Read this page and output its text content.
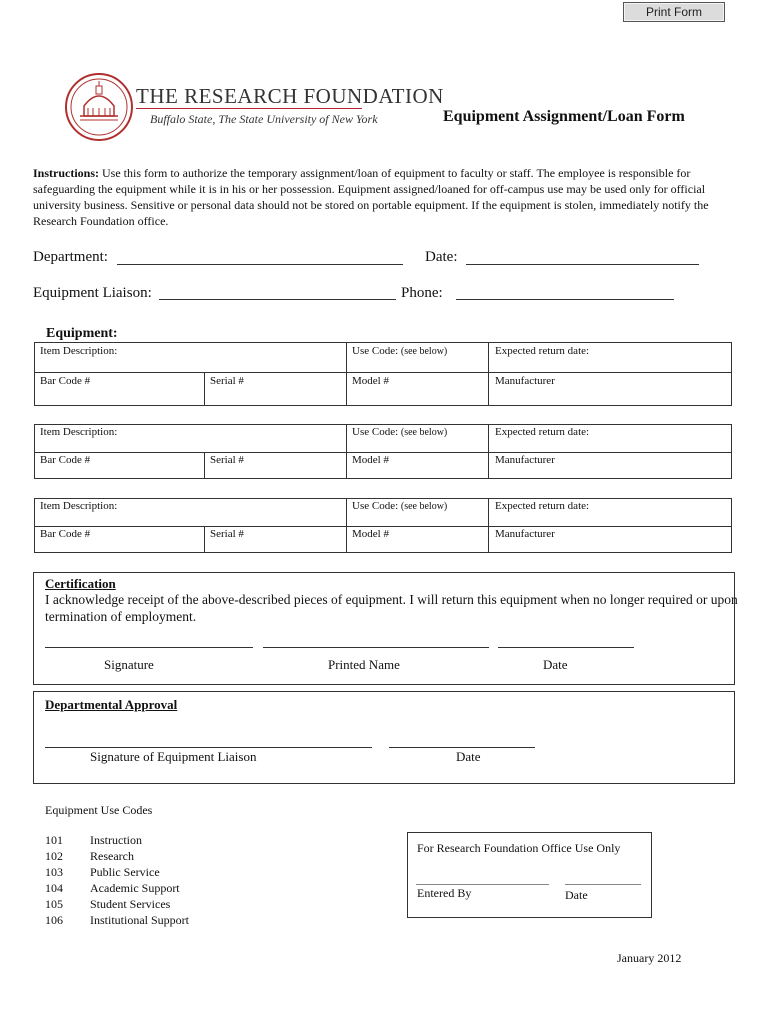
Print Form
THE RESEARCH FOUNDATION
Buffalo State, The State University of New York	Equipment Assignment/Loan Form
Instructions: Use this form to authorize the temporary assignment/loan of equipment to faculty or staff. The employee is responsible for safeguarding the equipment while it is in his or her possession. Equipment assigned/loaned for off-campus use may be used only for official university business. Sensitive or personal data should not be stored on portable equipment. If the equipment is stolen, immediately notify the Research Foundation office.
Department:	Date:
Equipment Liaison:	Phone:
Equipment:
Item Description:	Use Code: (see below)	Expected return date:
Bar Code #	Serial #	Model #	Manufacturer
Item Description:	Use Code: (see below)	Expected return date:
Bar Code #	Serial #	Model #	Manufacturer
Item Description:	Use Code: (see below)	Expected return date:
Bar Code #	Serial #	Model #	Manufacturer
Certification
I acknowledge receipt of the above-described pieces of equipment. I will return this equipment when no longer required or upon termination of employment.
Signature	Printed Name	Date
Departmental Approval
Signature of Equipment Liaison	Date
Equipment Use Codes
101 Instruction
102 Research
103 Public Service
104 Academic Support
105 Student Services
106 Institutional Support
For Research Foundation Office Use Only
Entered By	Date
January 2012
